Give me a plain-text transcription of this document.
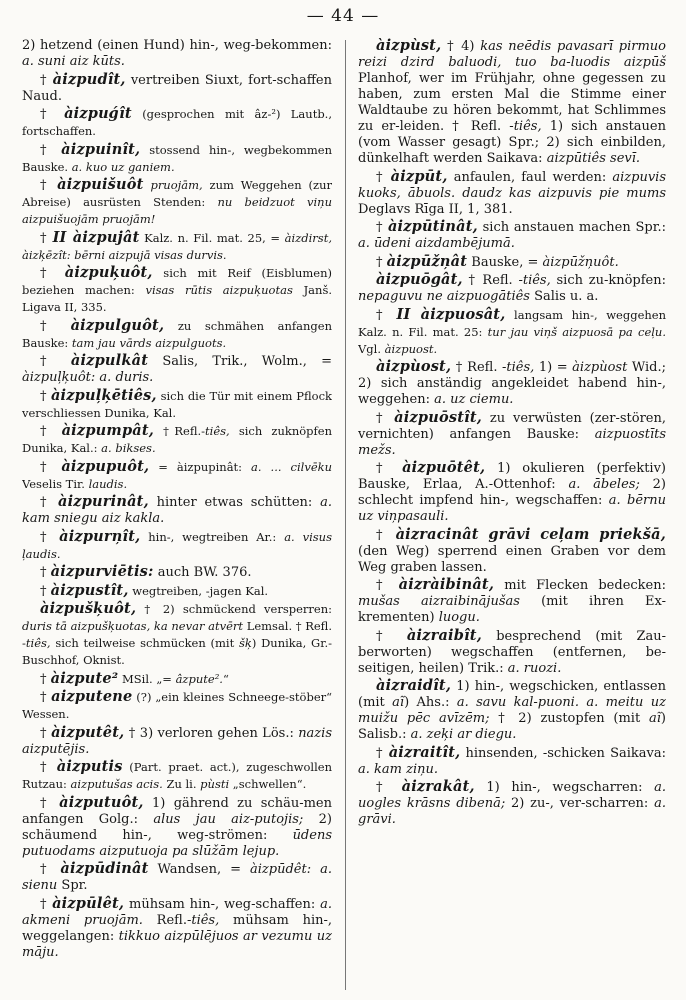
— 44 —

2) hetzend (einen Hund) hin-, weg-bekommen: a. suni aiz kūts.

† àizpudît, vertreiben Siuxt, fort-schaffen Naud.

† àizpuǵît (gesprochen mit âz-²) Lautb., fortschaffen.

† àizpuinît, stossend hin-, wegbekommen Bauske. a. kuo uz ganiem.

† àizpuišuôt pruojām, zum Weggehen (zur Abreise) ausrüsten Stenden: nu beidzuot viņu aizpuišuojām pruojām!

† II àizpujât Kalz. n. Fil. mat. 25, = àizdirst, àizķēzît: bērni aizpujā visas durvis.

† àizpuķuôt, sich mit Reif (Eisblumen) beziehen machen: visas rūtis aizpuķuotas Janš. Ligava II, 335.

† àizpulguôt, zu schmähen anfangen Bauske: tam jau vārds aizpulguots.

† àizpulkât Salis, Trik., Wolm., = àizpuļķuôt: a. duris.

† àizpuļķētiês, sich die Tür mit einem Pflock verschliessen Dunika, Kal.

† àizpumpât, †Refl.-tiês, sich zuknöpfen Dunika, Kal.: a. bikses.

† àizpupuôt, = àizpupinât: a. ... cilvēku Veselis Tir. laudis.

† àizpurinât, hinter etwas schütten: a. kam sniegu aiz kakla.

† àizpurņît, hin-, wegtreiben Ar.: a. visus ļaudis.

† àizpurviētis: auch BW. 376.

† àizpustît, wegtreiben, -jagen Kal.

àizpušķuôt, † 2) schmückend versperren: duris tā aizpušķuotas, ka nevar atvērt Lemsal. † Refl. -tiês, sich teilweise schmücken (mit šķ) Dunika, Gr.-Buschhof, Oknist.

† àizpute² MSil. „= âzpute².“

† aizputene (?) „ein kleines Schneege-stöber“ Wessen.

† àizputêt, † 3) verloren gehen Lös.: nazis aizputējis.

† àizputis (Part. praet. act.), zugeschwollen Rutzau: aizputušas acis. Zu li. pùsti „schwellen“.

† àizputuôt, 1) gährend zu schäu-men anfangen Golg.: alus jau aiz-putojis; 2) schäumend hin-, weg-strömen: ūdens putuodams aizputuoja pa slūžām lejup.

† àizpūdinât Wandsen, = àizpūdêt: a. sienu Spr.

† àizpūlêt, mühsam hin-, weg-schaffen: a. akmeni pruojām. Refl.-tiês, mühsam hin-, weggelangen: tikkuo aizpūlējuos ar vezumu uz māju.

àizpùst, † 4) kas neēdis pavasarī pirmuo reizi dzird baluodi, tuo ba-luodis aizpūš Planhof, wer im Frühjahr, ohne gegessen zu haben, zum ersten Mal die Stimme einer Waldtaube zu hören bekommt, hat Schlimmes zu er-leiden. † Refl. -tiês, 1) sich anstauen (vom Wasser gesagt) Spr.; 2) sich einbilden, dünkelhaft werden Saikava: aizpūtiês sevī.

† àizpūt, anfaulen, faul werden: aizpuvis kuoks, ābuols. daudz kas aizpuvis pie mums Deglavs Rīga II, 1, 381.

† àizpūtinât, sich anstauen machen Spr.: a. ūdeni aizdambējumā.

† àizpūžņât Bauske, = àizpūžņuôt.

àizpuōgât, † Refl. -tiês, sich zu-knöpfen: nepaguvu ne aizpuogātiês Salis u. a.

† II àizpuosât, langsam hin-, weggehen Kalz. n. Fil. mat. 25: tur jau viņš aizpuosā pa ceļu. Vgl. àizpuost.

àizpùost, † Refl. -tiês, 1) = àizpùost Wid.; 2) sich anständig angekleidet habend hin-, weggehen: a. uz ciemu.

† àizpuōstît, zu verwüsten (zer-stören, vernichten) anfangen Bauske: aizpuostīts mežs.

† àizpuōtêt, 1) okulieren (perfektiv) Bauske, Erlaa, A.-Ottenhof: a. ābeles; 2) schlecht impfend hin-, wegschaffen: a. bērnu uz viņpasauli.

† àizracinât grāvi ceļam priekšā, (den Weg) sperrend einen Graben vor dem Weg graben lassen.

† àizràibinât, mit Flecken bedecken: mušas aizraibinājušas (mit ihren Ex-krementen) luogu.

† àizraibît, besprechend (mit Zau-berworten) wegschaffen (entfernen, be-seitigen, heilen) Trik.: a. ruozi.

àizraidît, 1) hin-, wegschicken, entlassen (mit aĩ) Ahs.: a. savu kal-puoni. a. meitu uz muižu pēc avīzēm; † 2) zustopfen (mit aĩ) Salisb.: a. zeķi ar diegu.

† àizraitît, hinsenden, -schicken Saikava: a. kam ziņu.

† àizrakât, 1) hin-, wegscharren: a. uogles krāsns dibenā; 2) zu-, ver-scharren: a. grāvi.
